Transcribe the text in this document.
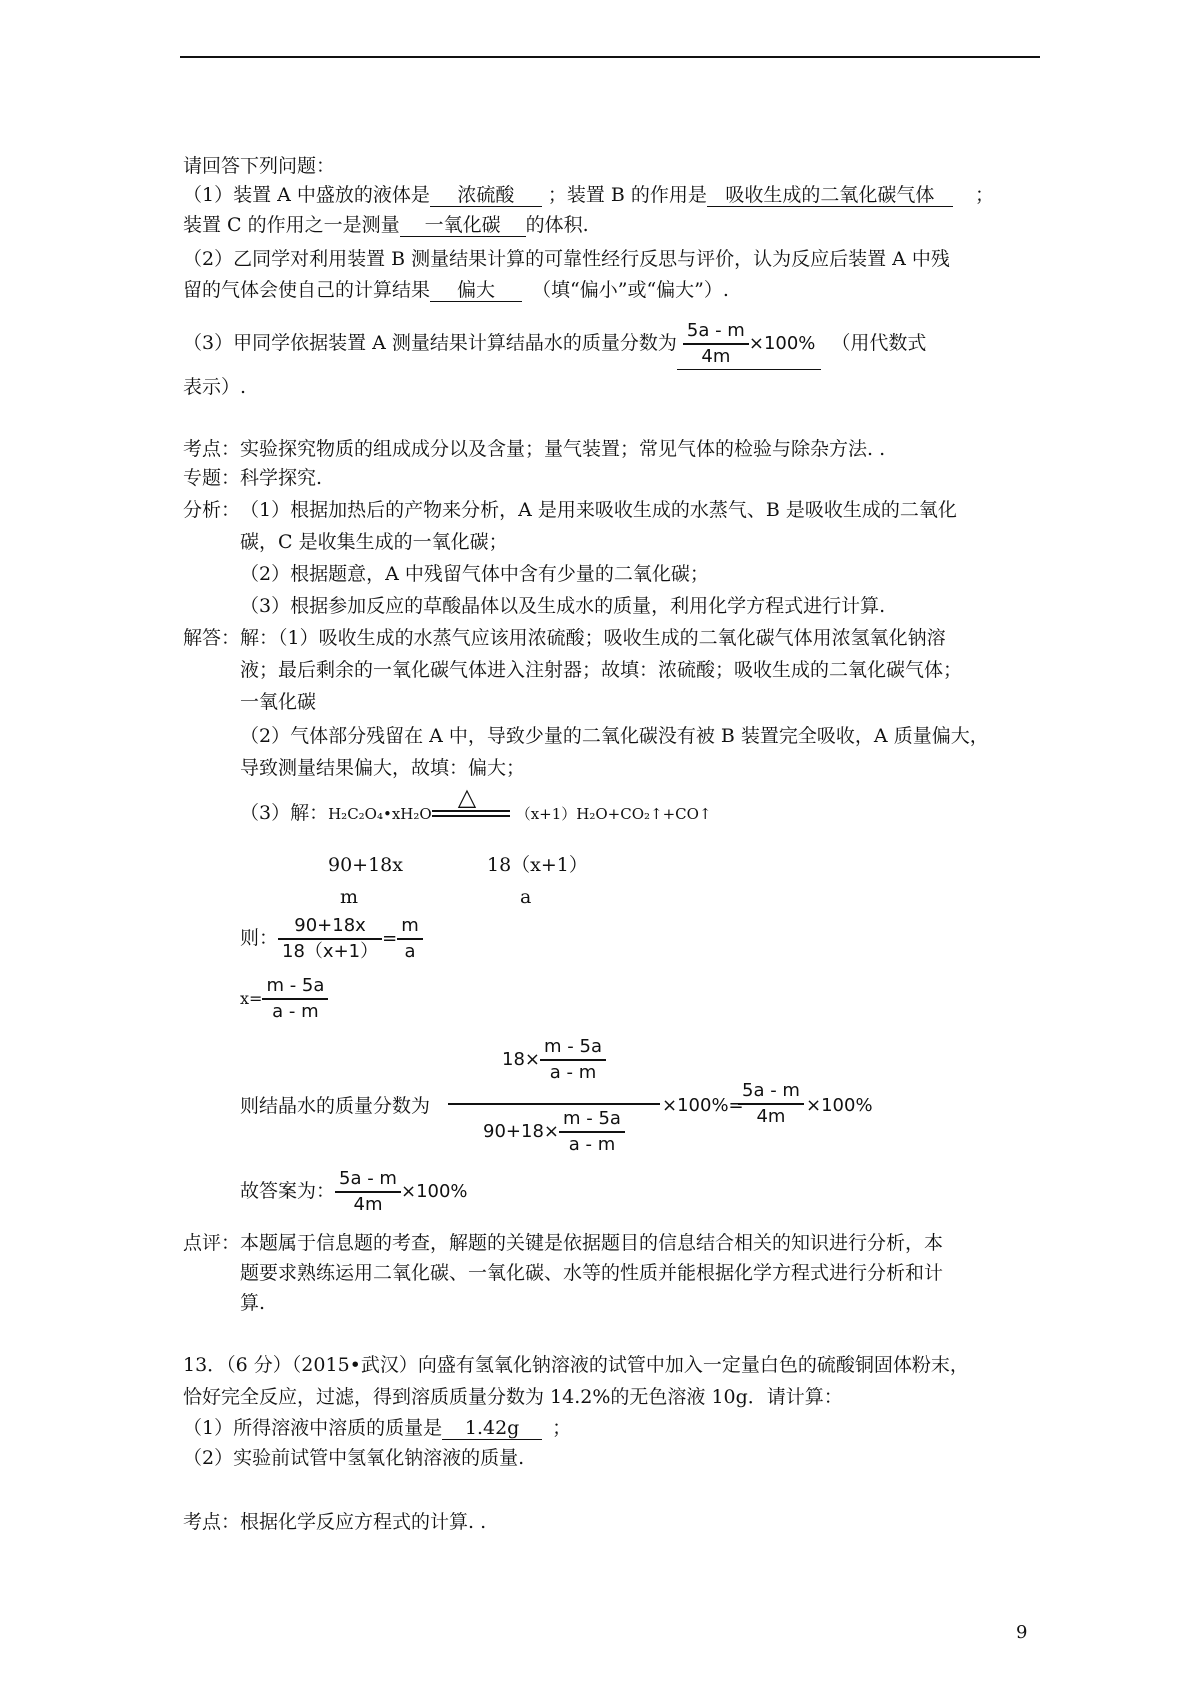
请回答下列问题：
（1）装置 A 中盛放的液体是 浓硫酸 ；装置 B 的作用是 吸收生成的二氧化碳气体 ；
装置 C 的作用之一是测量 一氧化碳 的体积.
（2）乙同学对利用装置 B 测量结果计算的可靠性经行反思与评价，认为反应后装置 A 中残
留的气体会使自己的计算结果 偏大 （填“偏小”或“偏大”）.
（3）甲同学依据装置 A 测量结果计算结晶水的质量分数为 $\frac{5a - m}{4m} \times 100\%$ （用代数式
表示）.
考点：实验探究物质的组成成分以及含量；量气装置；常见气体的检验与除杂方法. .
专题：科学探究.
分析： （1）根据加热后的产物来分析，A 是用来吸收生成的水蒸气、B 是吸收生成的二氧化
碳，C 是收集生成的一氧化碳；
（2）根据题意，A 中残留气体中含有少量的二氧化碳；
（3）根据参加反应的草酸晶体以及生成水的质量，利用化学方程式进行计算.
解答： 解：（1）吸收生成的水蒸气应该用浓硫酸；吸收生成的二氧化碳气体用浓氢氧化钠溶
液；最后剩余的一氧化碳气体进入注射器；故填：浓硫酸；吸收生成的二氧化碳气体；
一氧化碳
（2）气体部分残留在 A 中，导致少量的二氧化碳没有被 B 装置完全吸收，A 质量偏大，
导致测量结果偏大，故填：偏大；
（3）解：H₂C₂O₄•xH₂O
△
（x+1）H₂O+CO₂↑+CO↑
90+18x	18（x+1）
m	a
则： $\frac{90+18x}{18(x+1)} = \frac{m}{a}$
$x= \frac{m - 5a}{a - m}$
则结晶水的质量分数为
$18\times \frac{m - 5a}{a - m}$
$90+18\times \frac{m - 5a}{a - m}$
×100%=
$\frac{5a - m}{4m} \times 100\%$
故答案为： $\frac{5a - m}{4m} \times 100\%$
点评：本题属于信息题的考查，解题的关键是依据题目的信息结合相关的知识进行分析，本
题要求熟练运用二氧化碳、一氧化碳、水等的性质并能根据化学方程式进行分析和计
算.
13．（6 分）（2015•武汉）向盛有氢氧化钠溶液的试管中加入一定量白色的硫酸铜固体粉末，
恰好完全反应，过滤，得到溶质质量分数为 14.2%的无色溶液 10g．请计算：
（1）所得溶液中溶质的质量是 1.42g ；
（2）实验前试管中氢氧化钠溶液的质量.
考点：根据化学反应方程式的计算. .
9
